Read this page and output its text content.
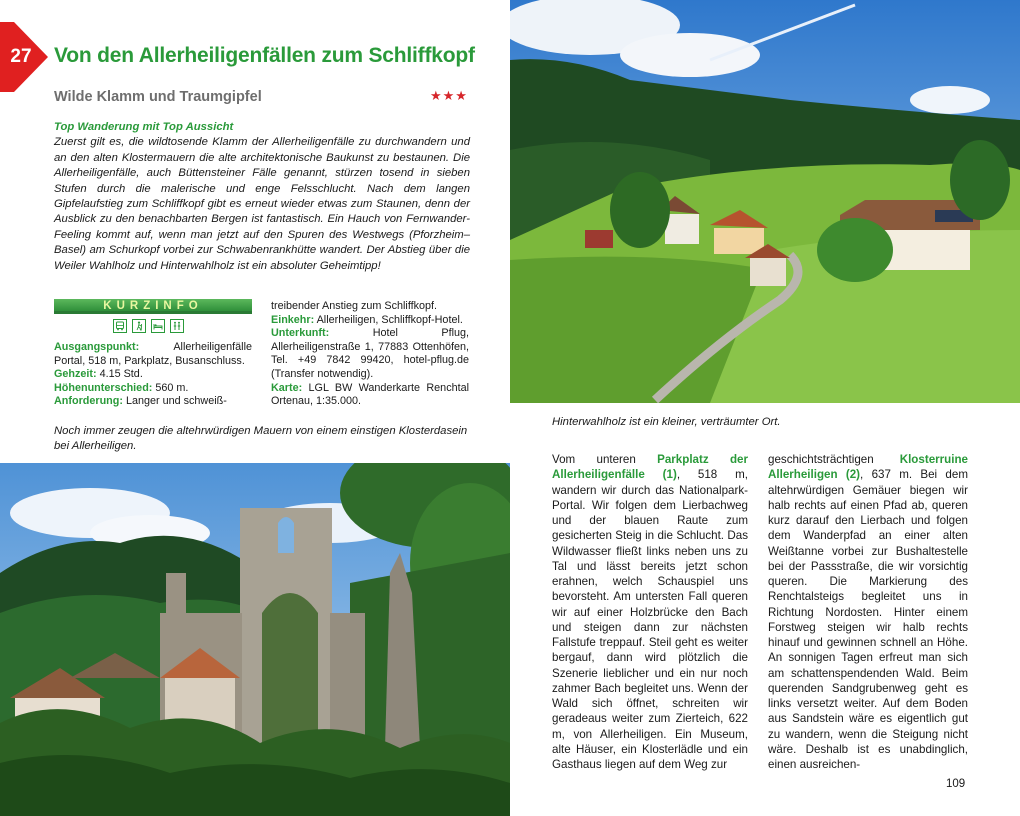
27 Von den Allerheiligenfällen zum Schliffkopf
Wilde Klamm und Traumgipfel	★★★
Top Wanderung mit Top Aussicht
Zuerst gilt es, die wildtosende Klamm der Allerheiligenfälle zu durchwandern und an den alten Klostermauern die alte architektonische Baukunst zu bestaunen. Die Allerheiligenfälle, auch Büttensteiner Fälle genannt, stürzen tosend in sieben Stufen durch die malerische und enge Felsschlucht. Nach dem langen Gipfelaufstieg zum Schliffkopf gibt es erneut wieder etwas zum Staunen, denn der Ausblick zu den benachbarten Bergen ist fantastisch. Ein Hauch von Fernwander-Feeling kommt auf, wenn man jetzt auf den Spuren des Westwegs (Pforzheim–Basel) am Schurkopf vorbei zur Schwabenrankhütte wandert. Der Abstieg über die Weiler Wahlholz und Hinterwahlholz ist ein absoluter Geheimtipp!
KURZINFO

Ausgangspunkt:	Allerheiligenfälle Portal, 518 m, Parkplatz, Busanschluss.

Gehzeit: 4.15 Std.

Höhenunterschied: 560 m.

Anforderung: Langer und schweiß-

treibender Anstieg zum Schliffkopf.

Einkehr: Allerheiligen, Schliffkopf-Hotel.

Unterkunft:	Hotel Pflug, Allerheiligenstraße 1, 77883 Ottenhöfen, Tel. +49 7842 99420, hotel-pflug.de (Transfer notwendig).

Karte: LGL BW Wanderkarte Renchtal Ortenau, 1:35.000.

Noch immer zeugen die altehrwürdigen Mauern von einem einstigen Klosterdasein bei Allerheiligen.
Hinterwahlholz ist ein kleiner, verträumter Ort.
Vom unteren Parkplatz der Allerheiligenfälle (1), 518 m, wandern wir durch das Nationalpark-Portal. Wir folgen dem Lierbachweg und der blauen Raute zum gesicherten Steig in die Schlucht. Das Wildwasser fließt links neben uns zu Tal und lässt bereits jetzt schon erahnen, welch Schauspiel uns bevorsteht. Am untersten Fall queren wir auf einer Holzbrücke den Bach und steigen dann zur nächsten Fallstufe treppauf. Steil geht es weiter bergauf, dann wird plötzlich die Szenerie lieblicher und ein nur noch zahmer Bach begleitet uns. Wenn der Wald sich öffnet, schreiten wir geradeaus weiter zum Zierteich, 622 m, von Allerheiligen. Ein Museum, alte Häuser, ein Klosterlädle und ein Gasthaus liegen auf dem Weg zur
geschichtsträchtigen Klosterruine Allerheiligen (2), 637 m. Bei dem altehrwürdigen Gemäuer biegen wir halb rechts auf einen Pfad ab, queren kurz darauf den Lierbach und folgen dem Wanderpfad an einer alten Weißtanne vorbei zur Bushaltestelle bei der Passstraße, die wir vorsichtig queren. Die Markierung des Renchtalsteigs begleitet uns in Richtung Nordosten. Hinter einem Forstweg steigen wir halb rechts hinauf und gewinnen schnell an Höhe. An sonnigen Tagen erfreut man sich am schattenspendenden Wald. Beim querenden Sandgrubenweg geht es links versetzt weiter. Auf dem Boden aus Sandstein wäre es eigentlich gut zu wandern, wenn die Steigung nicht wäre. Deshalb ist es unabdinglich, einen ausreichen-
109
